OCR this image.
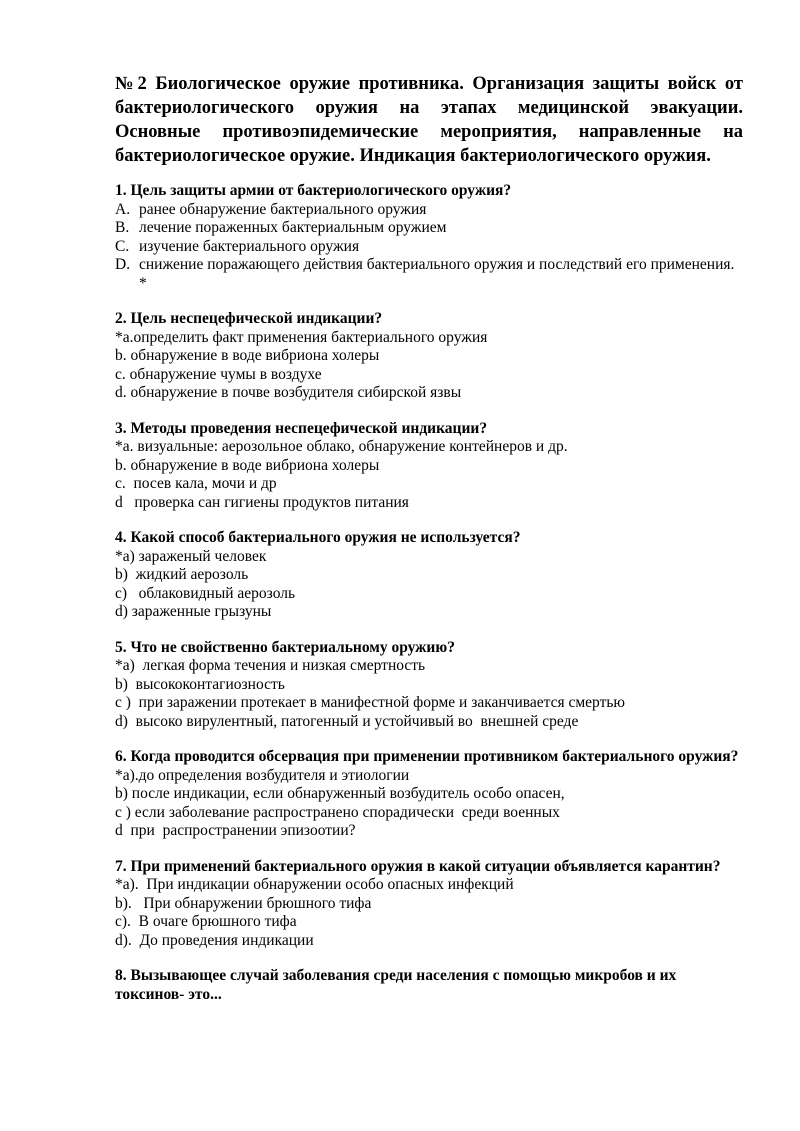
№2 Биологическое оружие противника. Организация защиты войск от бактериологического оружия на этапах медицинской эвакуации. Основные противоэпидемические мероприятия, направленные на бактериологическое оружие. Индикация бактериологического оружия.

1. Цель защиты армии от бактериологического оружия?

A. ранее обнаружение бактериального оружия
B. лечение пораженных бактериальным оружием
C. изучение бактериального оружия
D. снижение поражающего действия бактериального оружия и последствий его применения. *

2. Цель неспецефической индикации?

*a.определить факт применения бактериального оружия
b. обнаружение в воде вибриона холеры
c. обнаружение чумы в воздухе
d. обнаружение в почве возбудителя сибирской язвы

3. Методы проведения неспецефической индикации?

*a. визуальные: аерозольное облако, обнаружение контейнеров и др.
b. обнаружение в воде вибриона холеры
c.  посев кала, мочи и др
d   проверка сан гигиены продуктов питания

4. Какой способ бактериального оружия не используется?

*a) зараженый человек
b)  жидкий аерозоль
c)   облаковидный аерозоль
d) зараженные грызуны

5. Что не свойственно бактериальному оружию?

*a)  легкая форма течения и низкая смертность
b)  высококонтагиозность
c )  при заражении протекает в манифестной форме и заканчивается смертью
d)  высоко вирулентный, патогенный и устойчивый во  внешней среде

6. Когда проводится обсервация при применении противником бактериального оружия?

*a).до определения возбудителя и этиологии
b) после индикации, если обнаруженный возбудитель особо опасен,
c ) если заболевание распространено спорадически  среди военных
d  при  распространении эпизоотии?

7. При применений бактериального оружия в какой ситуации объявляется карантин?

*a).  При индикации обнаружении особо опасных инфекций
b).   При обнаружении брюшного тифа
c).  В очаге брюшного тифа
d).  До проведения индикации

8. Вызывающее случай заболевания среди населения с помощью микробов и их токсинов- это...
